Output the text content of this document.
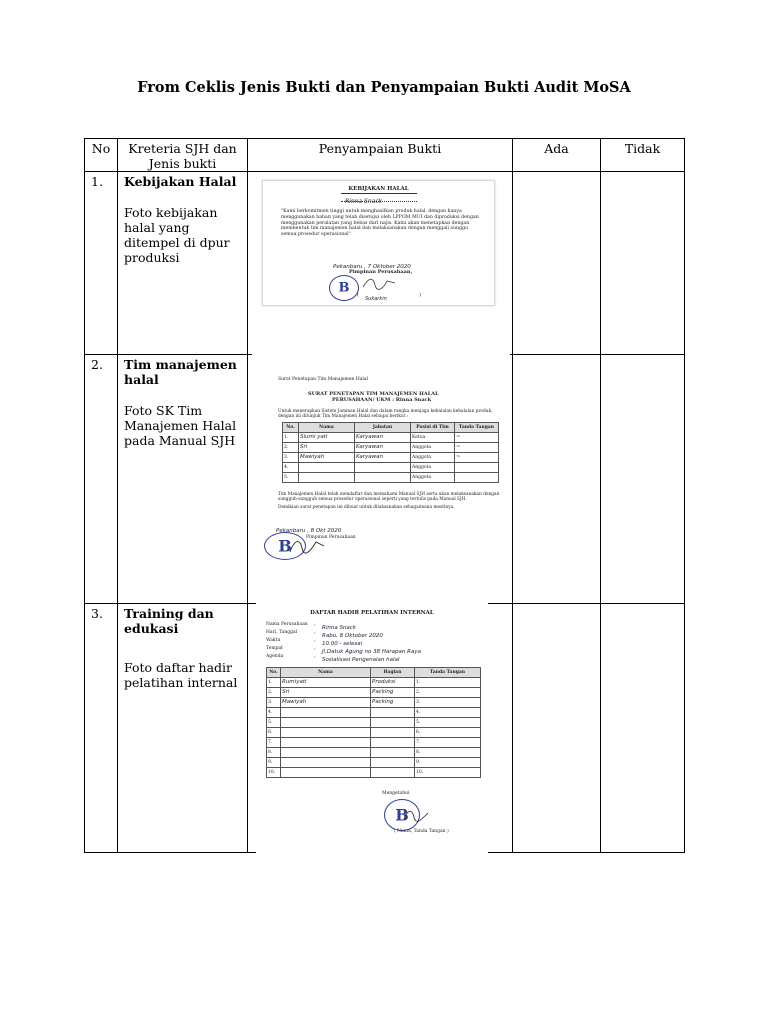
From Ceklis Jenis Bukti dan Penyampaian Bukti Audit MoSA
No	Kreteria SJH dan Jenis bukti	Penyampaian Bukti	Ada	Tidak
1.	Kebijakan Halal
Foto kebijakan halal yang ditempel di dpur produksi

KEBIJAKAN HALAL
Rinna Snack
"Kami berkomitmen tinggi untuk menghasilkan produk halal, dengan hanya menggunakan bahan yang telah disetujui oleh LPPOM MUI dan diproduksi dengan menggunakan peralatan yang bebas dari najis. Kami akan menetapkan dengan membentuk tim manajemen halal dan melaksanakan dengan menggali sunggu semua prosedur operasional"
Pekanbaru , 7 Oktober 2020
Pimpinan Perusahaan,
B
Sukarkin
(	)

2.	Tim manajemen halal
Foto SK Tim Manajemen Halal pada Manual SJH

Surat Penetapan Tim Manajemen Halal
SURAT PENETAPAN TIM MANAJEMEN HALAL
PERUSAHAAN/ UKM : Rinna Snack
Untuk menerapkan Sistem Jaminan Halal dan dalam rangka menjaga kehalalan kehalalan produk, dengan ini ditunjuk Tim Manajemen Halal sebagai berikut :
No.	Nama	Jabatan	Posisi di Tim	Tanda Tangan
1.	Siumi yati	Karyawan	Ketua	~
2.	Sri	Karyawan	Anggota	~
3.	Mawiyah	Karyawan	Anggota	~
4.			Anggota	
5.			Anggota	
Tim Manajemen Halal telah mendaftar dan memahami Manual SJH serta akan melaksanakan dengan sungguh-sungguh semua prosedur operasional seperti yang tertulis pada Manual SJH.
Demikian surat penetapan ini dibuat untuk dilaksanakan sebagaimana mestinya.
Pekanbaru , 8 Okt 2020
Pimpinan Perusahaan
B

3.	Training dan edukasi
Foto daftar hadir pelatihan internal

DAFTAR HADIR PELATIHAN INTERNAL
Nama Perusahaan : Rinna Snack
Hari, Tanggal	: Rabu, 8 Oktober 2020
Waktu	: 10.00 - selesai
Tempat	: Jl.Datuk Agung no 38 Harapan Raya
Agenda	: Sosialisasi Pengenalan halal
No.	Nama	Bagian	Tanda Tangan
1.	Rumiyati	Produksi	1.
2.	Sri	Packing	2.
3.	Mawiyah	Packing	3.
4.			4.
5.			5.
6.			6.
7.			7.
8.			8.
9.			9.
10.			10.
Mengetahui
B
( Nama, Tanda Tangan )
